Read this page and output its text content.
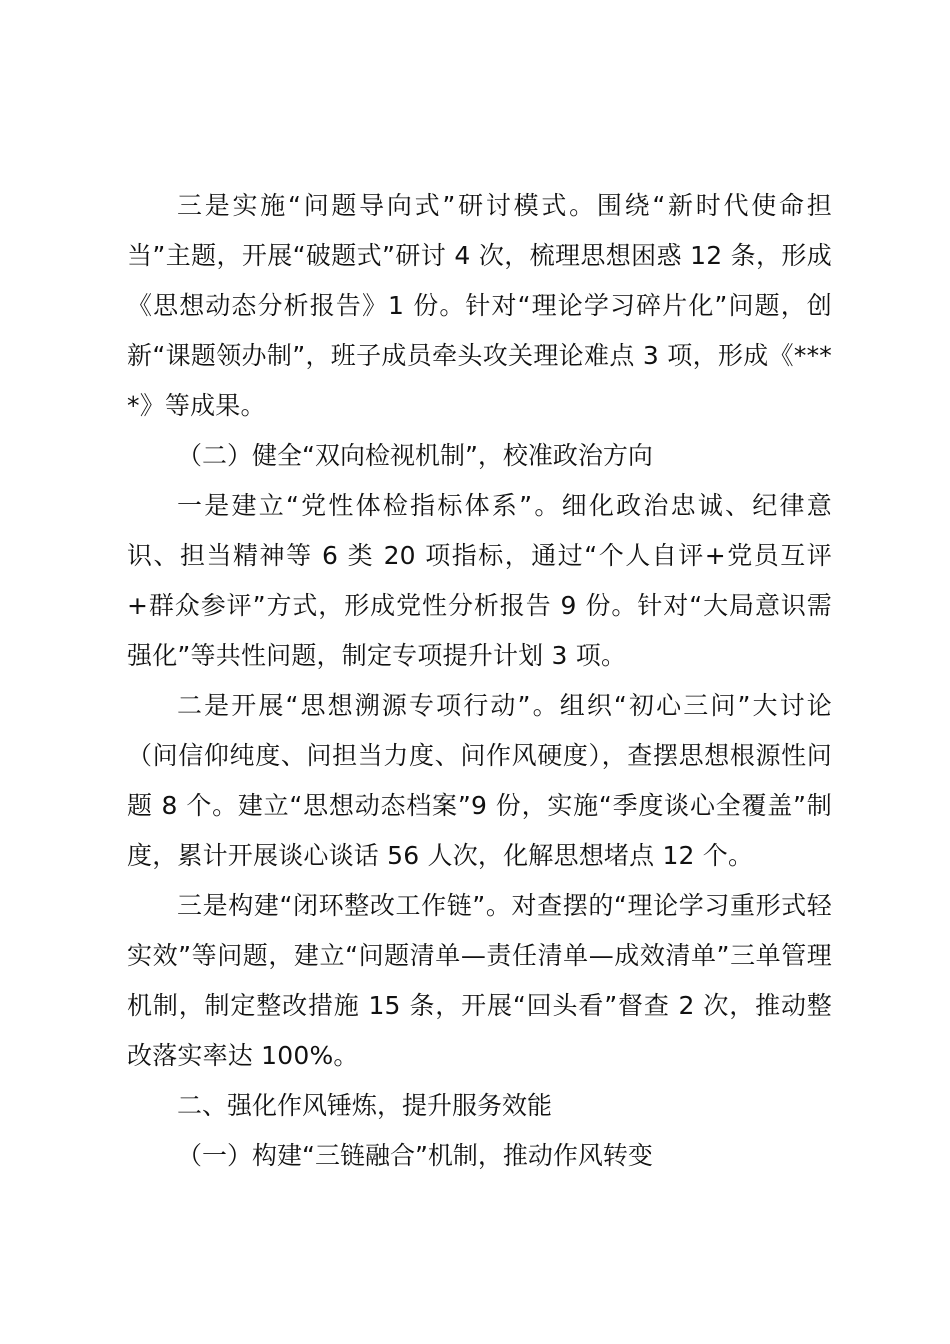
三是实施“问题导向式”研讨模式。围绕“新时代使命担当”主题，开展“破题式”研讨 4 次，梳理思想困惑 12 条，形成《思想动态分析报告》1 份。针对“理论学习碎片化”问题，创新“课题领办制”，班子成员牵头攻关理论难点 3 项，形成《****》等成果。

（二）健全“双向检视机制”，校准政治方向

一是建立“党性体检指标体系”。细化政治忠诚、纪律意识、担当精神等 6 类 20 项指标，通过“个人自评+党员互评+群众参评”方式，形成党性分析报告 9 份。针对“大局意识需强化”等共性问题，制定专项提升计划 3 项。

二是开展“思想溯源专项行动”。组织“初心三问”大讨论（问信仰纯度、问担当力度、问作风硬度），查摆思想根源性问题 8 个。建立“思想动态档案”9 份，实施“季度谈心全覆盖”制度，累计开展谈心谈话 56 人次，化解思想堵点 12 个。

三是构建“闭环整改工作链”。对查摆的“理论学习重形式轻实效”等问题，建立“问题清单—责任清单—成效清单”三单管理机制，制定整改措施 15 条，开展“回头看”督查 2 次，推动整改落实率达 100%。

二、强化作风锤炼，提升服务效能

（一）构建“三链融合”机制，推动作风转变
